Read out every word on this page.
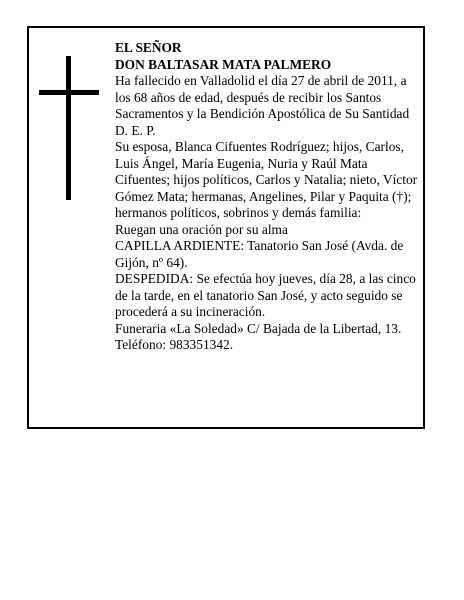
EL SEÑOR

DON BALTASAR MATA PALMERO

Ha fallecido en Valladolid el día 27 de abril de 2011, a los 68 años de edad, después de recibir los Santos Sacramentos y la Bendición Apostólica de Su Santidad

D. E. P.

Su esposa, Blanca Cifuentes Rodríguez; hijos, Carlos, Luis Ángel, María Eugenia, Nuria y Raúl Mata Cifuentes; hijos políticos, Carlos y Natalia; nieto, Víctor Gómez Mata; hermanas, Angelines, Pilar y Paquita (†); hermanos políticos, sobrinos y demás familia:

Ruegan una oración por su alma

CAPILLA ARDIENTE: Tanatorio San José (Avda. de Gijón, nº 64).

DESPEDIDA: Se efectúa hoy jueves, día 28, a las cinco de la tarde, en el tanatorio San José, y acto seguido se procederá a su incineración.

Funeraria «La Soledad» C/ Bajada de la Libertad, 13. Teléfono: 983351342.
